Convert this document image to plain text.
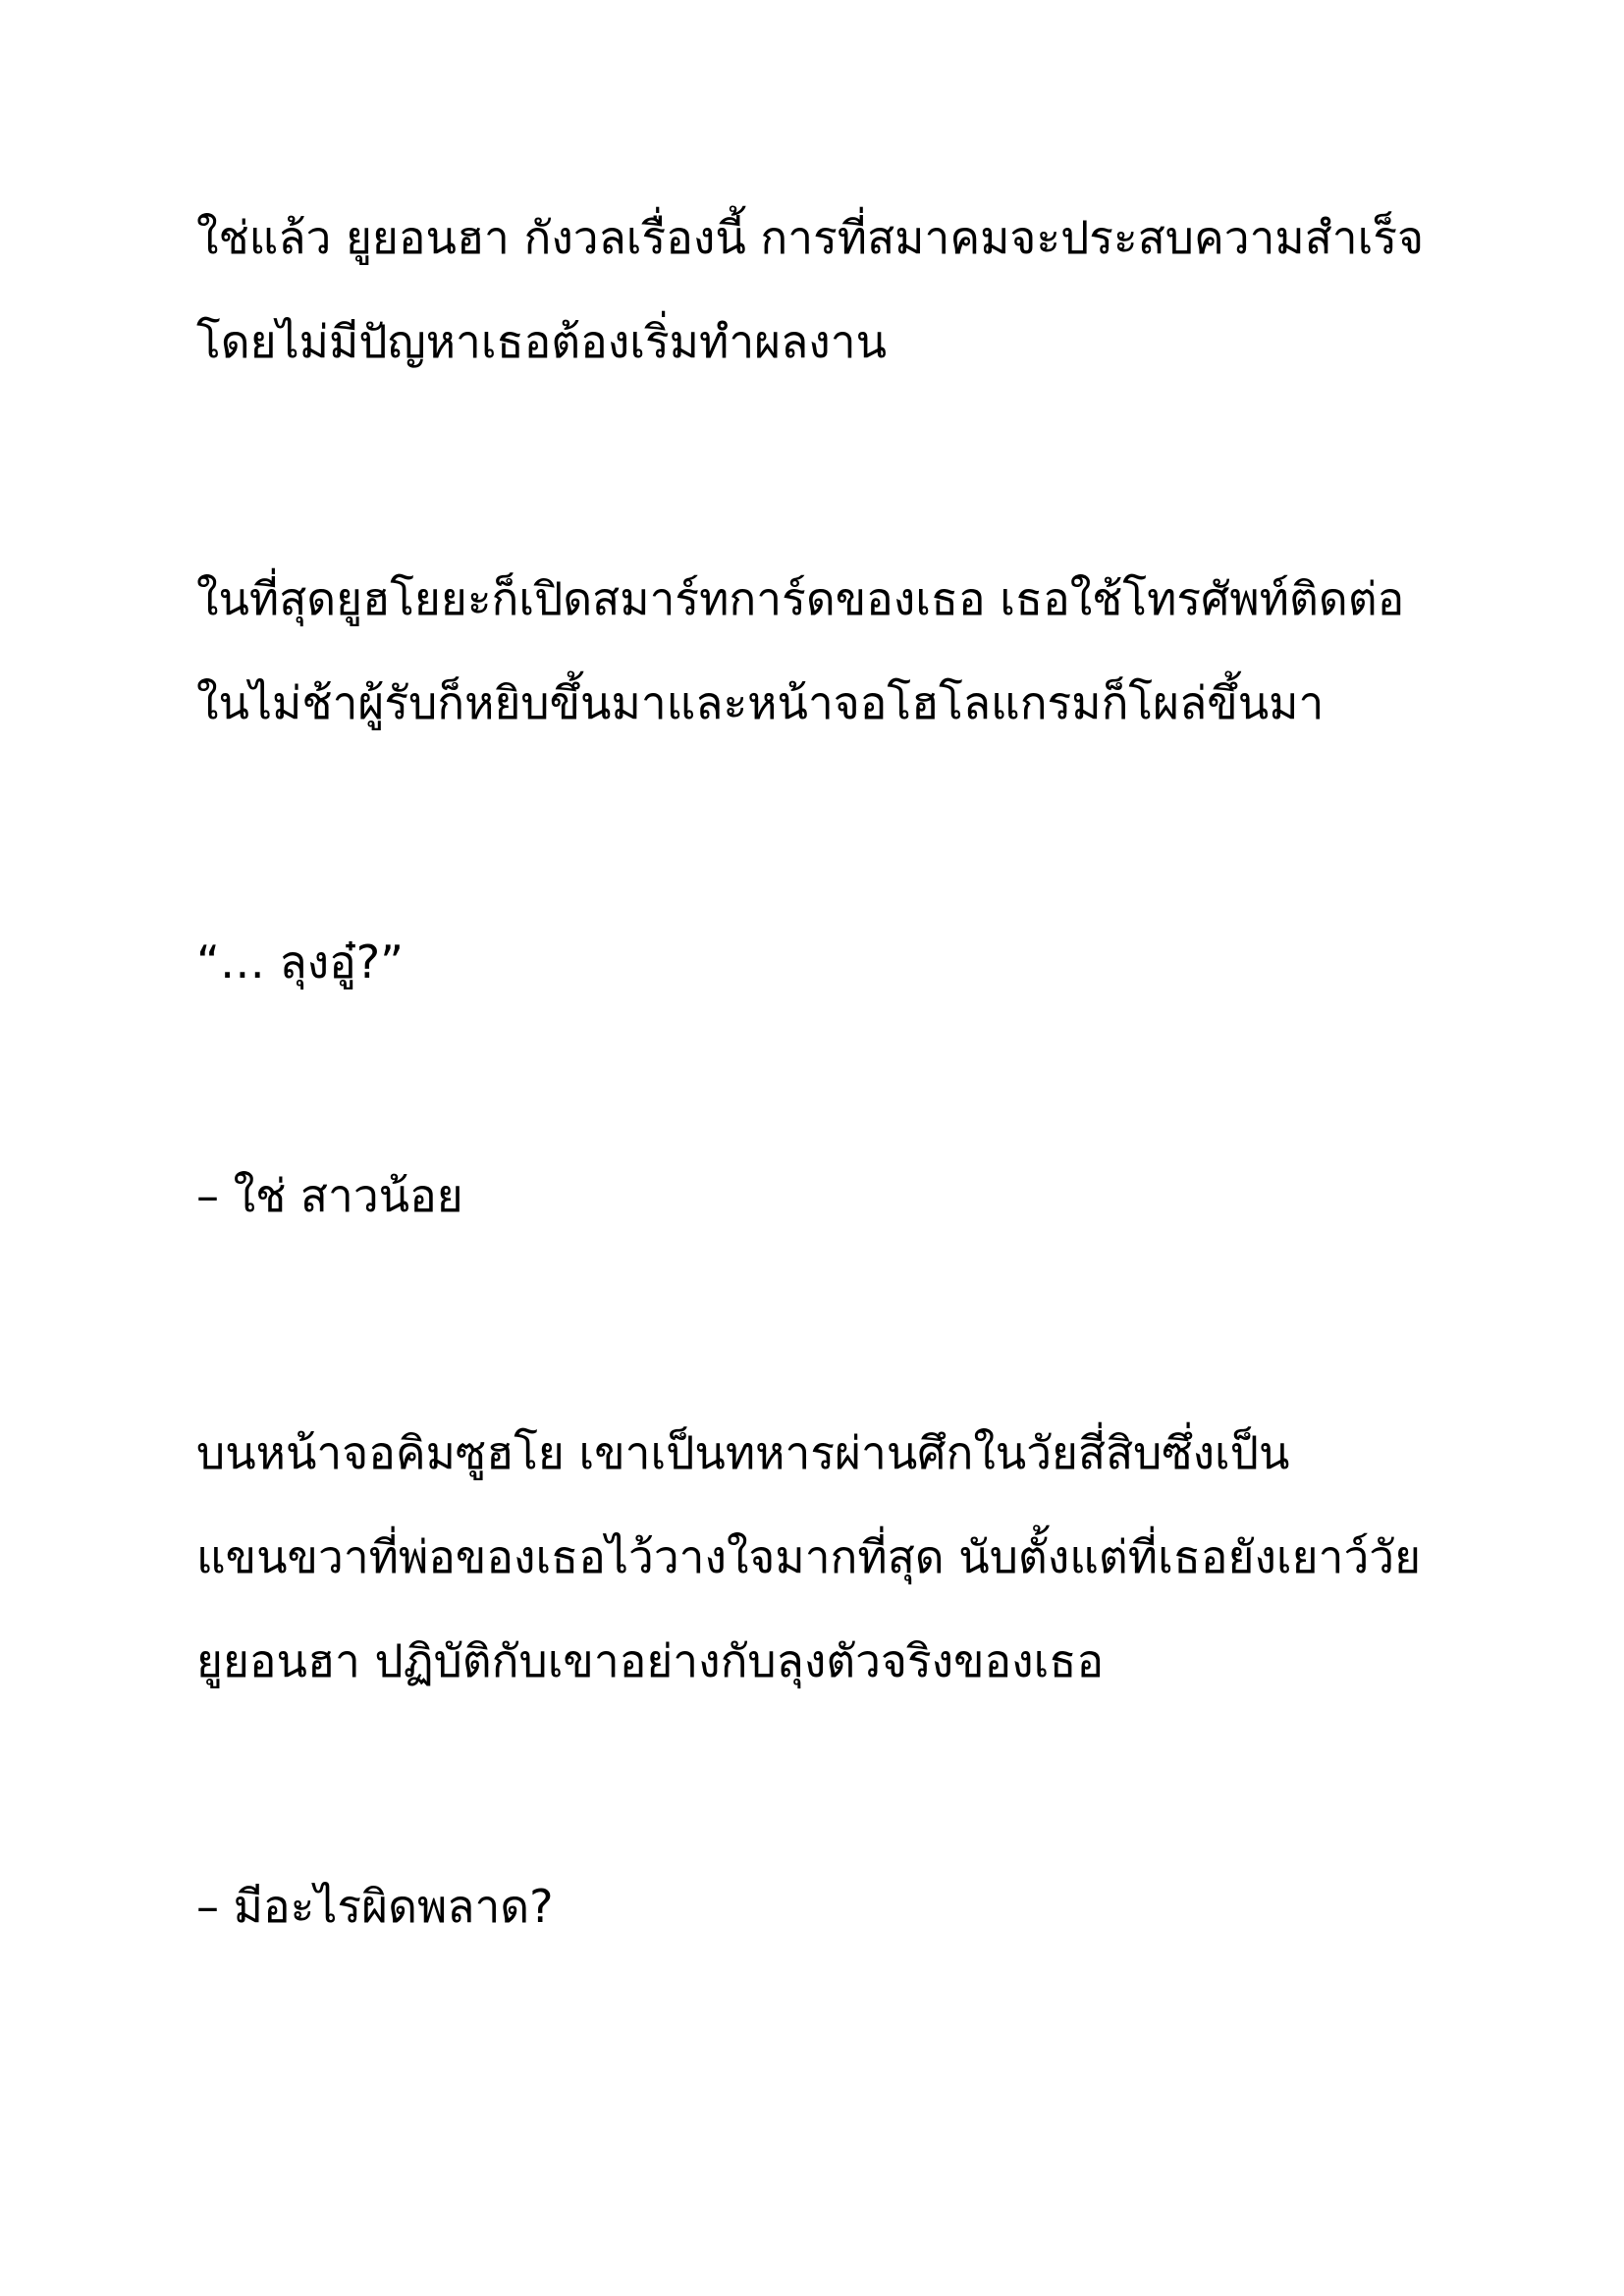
ใช่แล้ว ยูยอนฮา กังวลเรื่องนี้ การที่สมาคมจะประสบความสำเร็จ
โดยไม่มีปัญหาเธอต้องเริ่มทำผลงาน
ในที่สุดยูฮโยยะก็เปิดสมาร์ทการ์ดของเธอ เธอใช้โทรศัพท์ติดต่อ
ในไม่ช้าผู้รับก็หยิบขึ้นมาและหน้าจอโฮโลแกรมก็โผล่ขึ้นมา
“… ลุงอู๋?”
– ใช่ สาวน้อย
บนหน้าจอคิมซูฮโย เขาเป็นทหารผ่านศึกในวัยสี่สิบซึ่งเป็น
แขนขวาที่พ่อของเธอไว้วางใจมากที่สุด นับตั้งแต่ที่เธอยังเยาว์วัย
ยูยอนฮา ปฏิบัติกับเขาอย่างกับลุงตัวจริงของเธอ
– มีอะไรผิดพลาด?
